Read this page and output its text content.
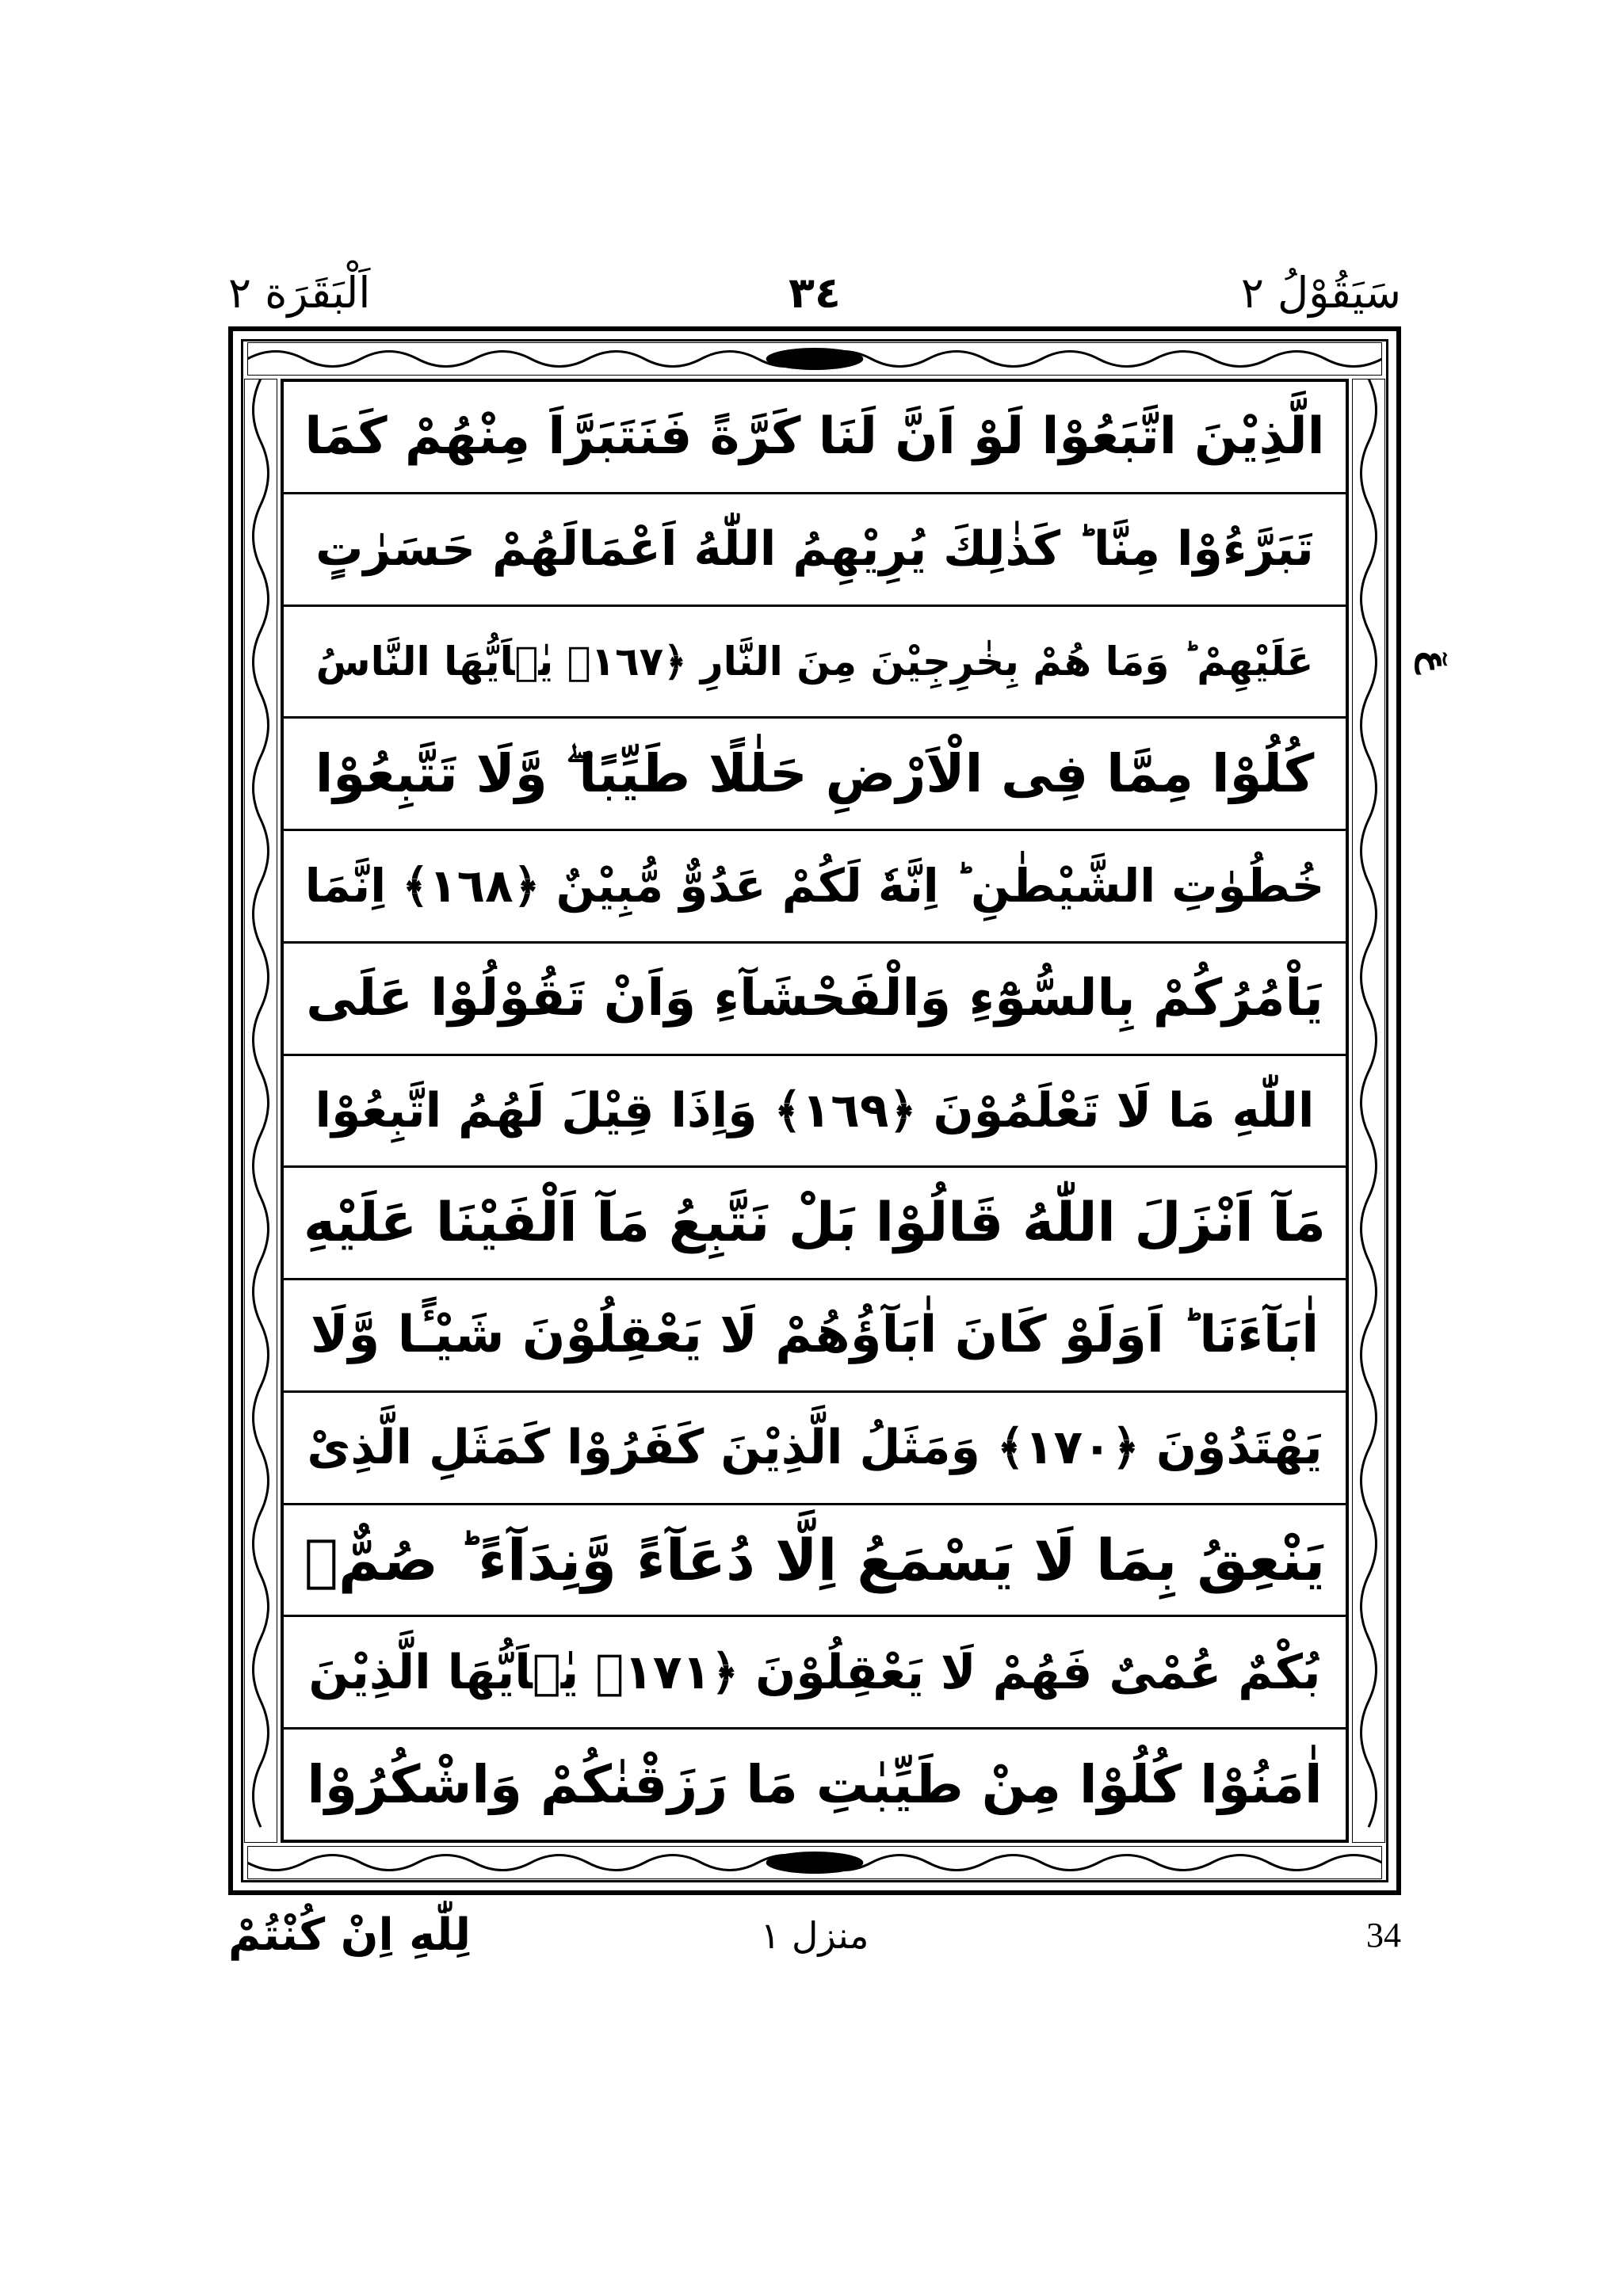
سَيَقُوْلُ ٢
٣٤
اَلْبَقَرَة ٢
الَّذِيْنَ اتَّبَعُوْا لَوْ اَنَّ لَنَا كَرَّةً فَنَتَبَرَّاَ مِنْهُمْ كَمَا
تَبَرَّءُوْا مِنَّا ؕ كَذٰلِكَ يُرِيْهِمُ اللّٰهُ اَعْمَالَهُمْ حَسَرٰتٍ
عَلَيْهِمْ ؕ وَمَا هُمْ بِخٰرِجِيْنَ مِنَ النَّارِ ﴿١٦٧﴾ يٰۤاَيُّهَا النَّاسُ
كُلُوْا مِمَّا فِى الْاَرْضِ حَلٰلًا طَيِّبًا ۖ وَّلَا تَتَّبِعُوْا
خُطُوٰتِ الشَّيْطٰنِ ؕ اِنَّهٗ لَكُمْ عَدُوٌّ مُّبِيْنٌ ﴿١٦٨﴾ اِنَّمَا
يَاْمُرُكُمْ بِالسُّوْٓءِ وَالْفَحْشَآءِ وَاَنْ تَقُوْلُوْا عَلَى
اللّٰهِ مَا لَا تَعْلَمُوْنَ ﴿١٦٩﴾ وَاِذَا قِيْلَ لَهُمُ اتَّبِعُوْا
مَآ اَنْزَلَ اللّٰهُ قَالُوْا بَلْ نَتَّبِعُ مَآ اَلْفَيْنَا عَلَيْهِ
اٰبَآءَنَا ؕ اَوَلَوْ كَانَ اٰبَآؤُهُمْ لَا يَعْقِلُوْنَ شَيْـًٔا وَّلَا
يَهْتَدُوْنَ ﴿١٧٠﴾ وَمَثَلُ الَّذِيْنَ كَفَرُوْا كَمَثَلِ الَّذِىْ
يَنْعِقُ بِمَا لَا يَسْمَعُ اِلَّا دُعَآءً وَّنِدَآءً ؕ صُمٌّۢ
بُكْمٌ عُمْىٌ فَهُمْ لَا يَعْقِلُوْنَ ﴿١٧١﴾ يٰۤاَيُّهَا الَّذِيْنَ
اٰمَنُوْا كُلُوْا مِنْ طَيِّبٰتِ مَا رَزَقْنٰكُمْ وَاشْكُرُوْا
عٓ
لِلّٰهِ اِنْ كُنْتُمْ	منزل ١	34
